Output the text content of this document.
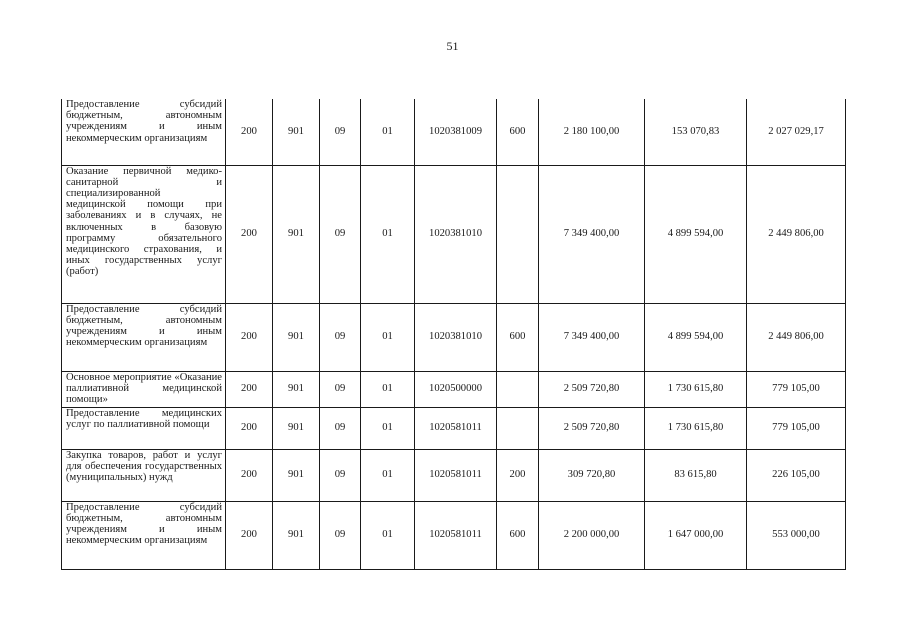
51
Предоставление субсидий бюджетным, автономным учреждениям и иным некоммерческим организациям	200	901	09	01	1020381009	600	2 180 100,00	153 070,83	2 027 029,17

Оказание первичной медико-санитарной и специализированной медицинской помощи при заболеваниях и в случаях, не включенных в базовую программу обязательного медицинского страхования, и иных государственных услуг (работ)	200	901	09	01	1020381010		7 349 400,00	4 899 594,00	2 449 806,00

Предоставление субсидий бюджетным, автономным учреждениям и иным некоммерческим организациям	200	901	09	01	1020381010	600	7 349 400,00	4 899 594,00	2 449 806,00

Основное мероприятие «Оказание паллиативной медицинской помощи»	200	901	09	01	1020500000		2 509 720,80	1 730 615,80	779 105,00

Предоставление медицинских услуг по паллиативной помощи	200	901	09	01	1020581011		2 509 720,80	1 730 615,80	779 105,00

Закупка товаров, работ и услуг для обеспечения государственных (муниципальных) нужд	200	901	09	01	1020581011	200	309 720,80	83 615,80	226 105,00

Предоставление субсидий бюджетным, автономным учреждениям и иным некоммерческим организациям	200	901	09	01	1020581011	600	2 200 000,00	1 647 000,00	553 000,00
